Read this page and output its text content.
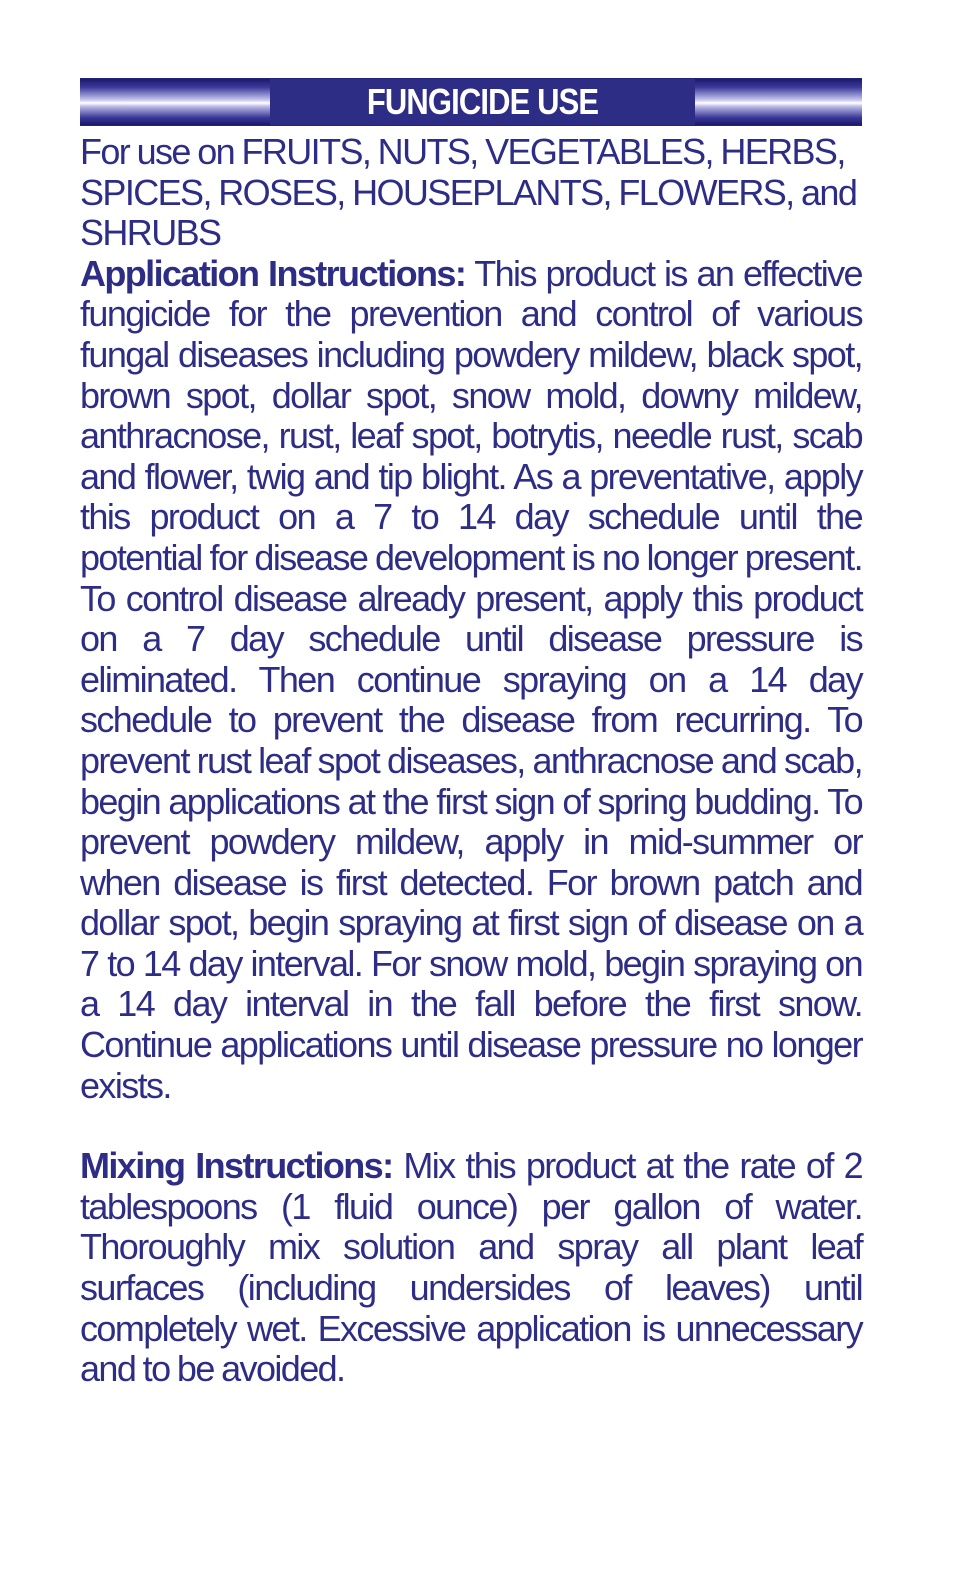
FUNGICIDE USE

For use on FRUITS, NUTS, VEGETABLES, HERBS, SPICES, ROSES, HOUSEPLANTS, FLOWERS, and SHRUBS

Application Instructions: This product is an effective fungicide for the prevention and control of various fungal diseases including powdery mildew, black spot, brown spot, dollar spot, snow mold, downy mildew, anthracnose, rust, leaf spot, botrytis, needle rust, scab and flower, twig and tip blight. As a preventative, apply this product on a 7 to 14 day schedule until the potential for disease development is no longer present. To control disease already present, apply this product on a 7 day schedule until disease pressure is eliminated. Then continue spraying on a 14 day schedule to prevent the disease from recurring. To prevent rust leaf spot diseases, anthracnose and scab, begin applications at the first sign of spring budding. To prevent powdery mildew, apply in mid-summer or when disease is first detected. For brown patch and dollar spot, begin spraying at first sign of disease on a 7 to 14 day interval. For snow mold, begin spraying on a 14 day interval in the fall before the first snow. Continue applications until disease pressure no longer exists.

Mixing Instructions: Mix this product at the rate of 2 tablespoons (1 fluid ounce) per gallon of water. Thoroughly mix solution and spray all plant leaf surfaces (including undersides of leaves) until completely wet. Excessive application is unnecessary and to be avoided.
